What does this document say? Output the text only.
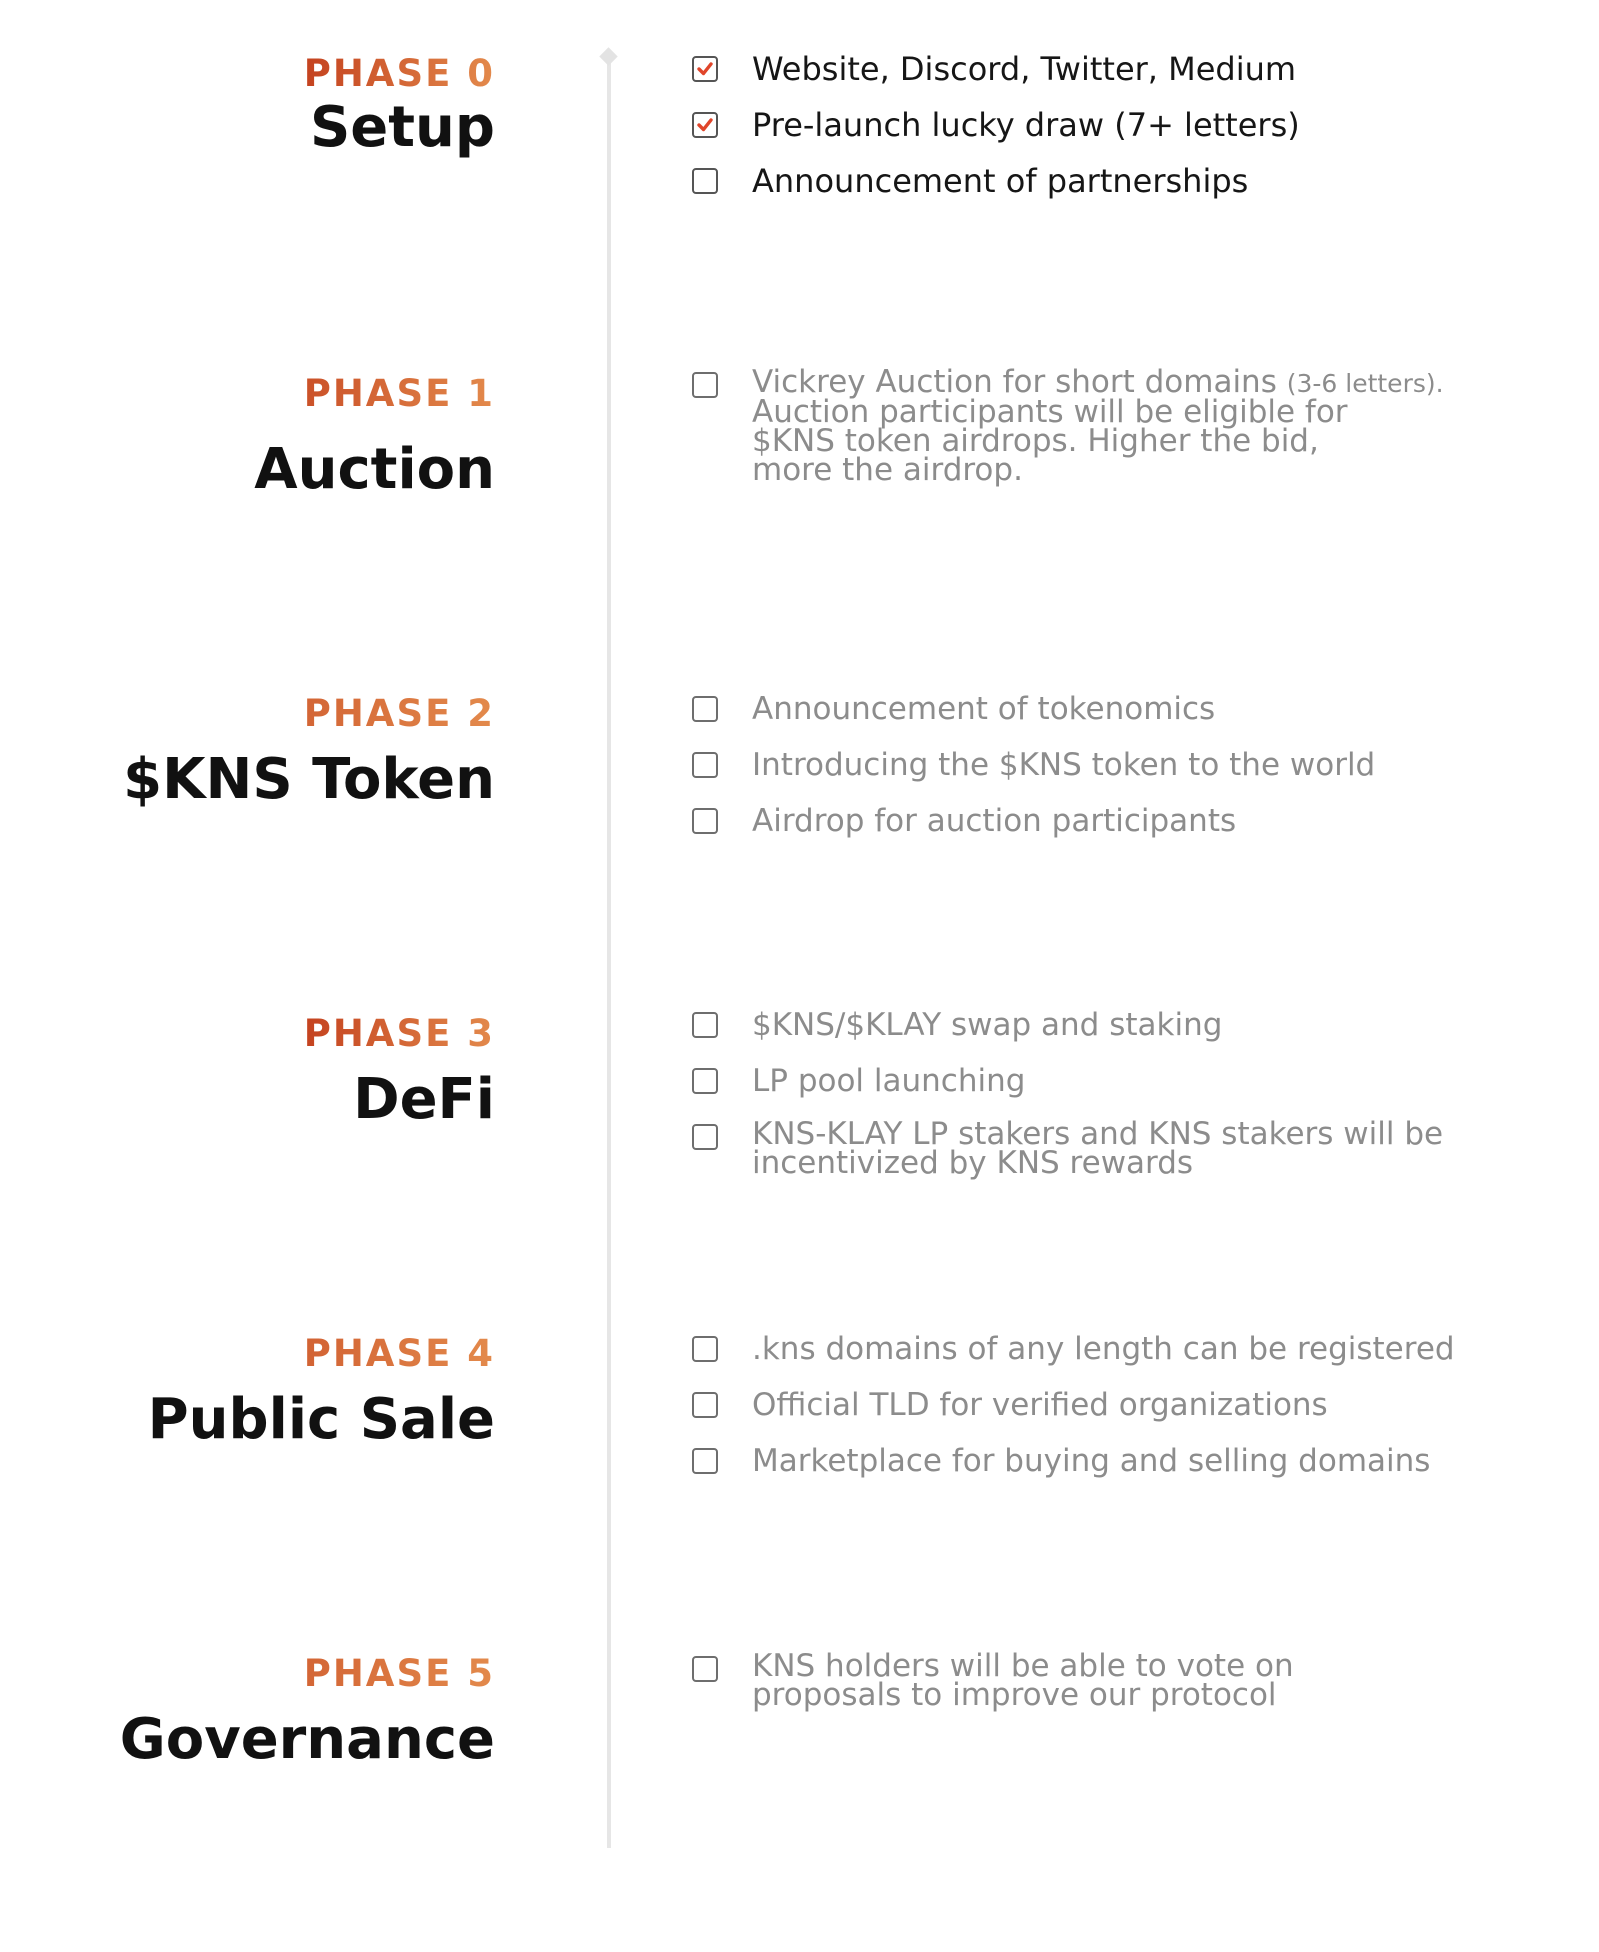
PHASE 0
Setup
Website, Discord, Twitter, Medium
Pre-launch lucky draw (7+ letters)
Announcement of partnerships
PHASE 1
Auction
Vickrey Auction for short domains (3-6 letters).
Auction participants will be eligible for $KNS token airdrops. Higher the bid, more the airdrop.
PHASE 2
$KNS Token
Announcement of tokenomics
Introducing the $KNS token to the world
Airdrop for auction participants
PHASE 3
DeFi
$KNS/$KLAY swap and staking
LP pool launching
KNS-KLAY LP stakers and KNS stakers will be incentivized by KNS rewards
PHASE 4
Public Sale
.kns domains of any length can be registered
Official TLD for verified organizations
Marketplace for buying and selling domains
PHASE 5
Governance
KNS holders will be able to vote on proposals to improve our protocol
